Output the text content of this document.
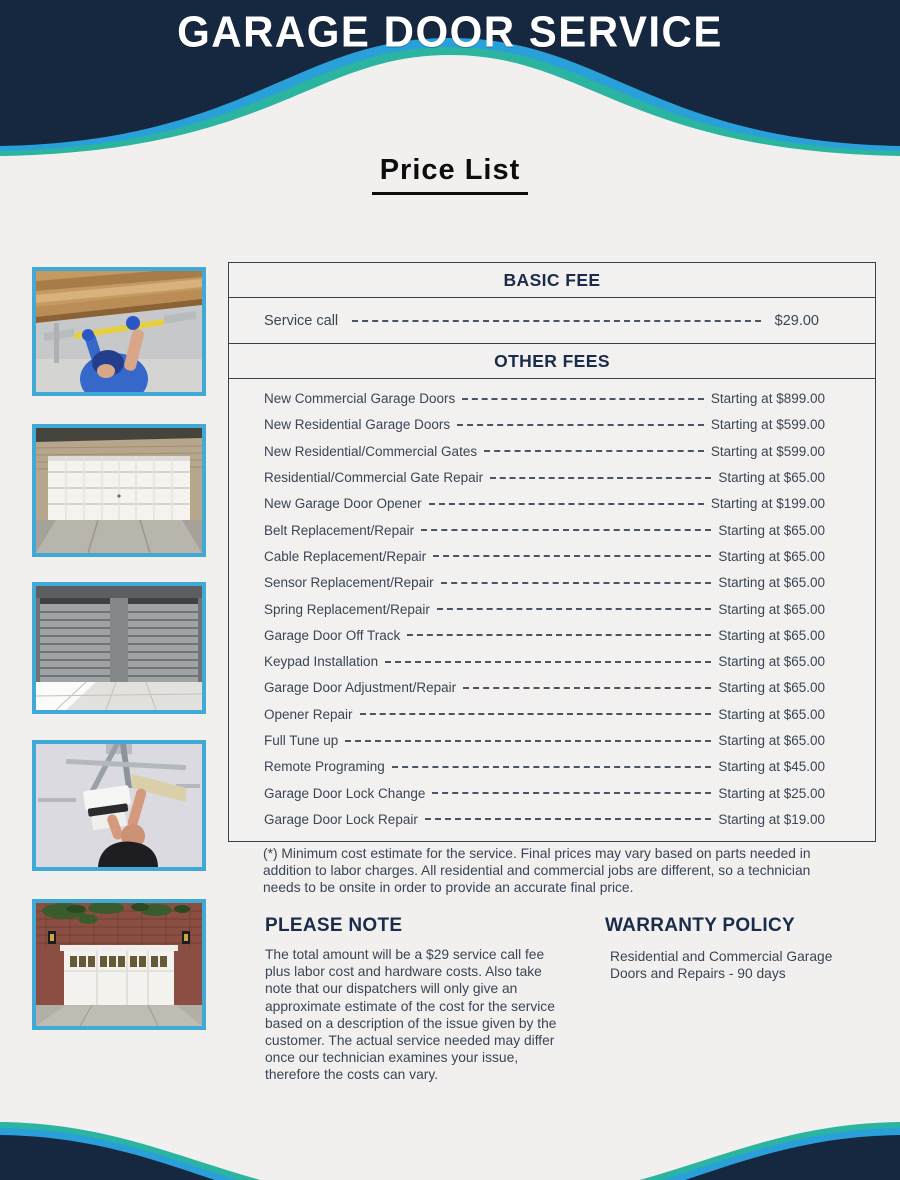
GARAGE DOOR SERVICE
Price List
BASIC FEE
Service call	$29.00
OTHER FEES
New Commercial Garage Doors	Starting at $899.00
New Residential Garage Doors	Starting at $599.00
New Residential/Commercial Gates	Starting at $599.00
Residential/Commercial Gate Repair	Starting at $65.00
New Garage Door Opener	Starting at $199.00
Belt Replacement/Repair	Starting at $65.00
Cable Replacement/Repair	Starting at $65.00
Sensor Replacement/Repair	Starting at $65.00
Spring Replacement/Repair	Starting at $65.00
Garage Door Off Track	Starting at $65.00
Keypad Installation	Starting at $65.00
Garage Door Adjustment/Repair	Starting at $65.00
Opener Repair	Starting at $65.00
Full Tune up	Starting at $65.00
Remote Programing	Starting at $45.00
Garage Door Lock Change	Starting at $25.00
Garage Door Lock Repair	Starting at $19.00
(*) Minimum cost estimate for the service. Final prices may vary based on parts needed in addition to labor charges. All residential and commercial jobs are different, so a technician needs to be onsite in order to provide an accurate final price.
PLEASE NOTE
The total amount will be a $29 service call fee plus labor cost and hardware costs. Also take note that our dispatchers will only give an approximate estimate of the cost for the service based on a description of the issue given by the customer. The actual service needed may differ once our technician examines your issue, therefore the costs can vary.
WARRANTY POLICY
Residential and Commercial Garage Doors and Repairs - 90 days
